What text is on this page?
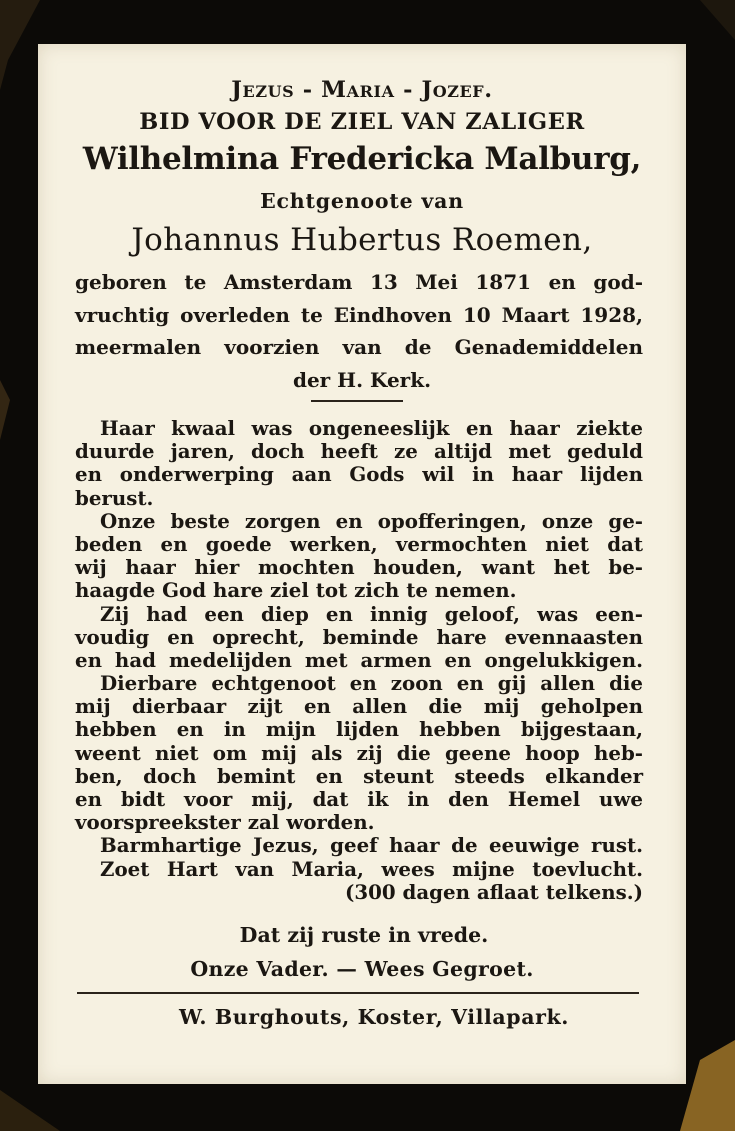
Jezus - Maria - Jozef.
BID VOOR DE ZIEL VAN ZALIGER
Wilhelmina Fredericka Malburg,
Echtgenoote van
Johannus Hubertus Roemen,
geboren te Amsterdam 13 Mei 1871 en god-
vruchtig overleden te Eindhoven 10 Maart 1928,
meermalen voorzien van de Genademiddelen
der H. Kerk.
Haar kwaal was ongeneeslijk en haar ziekte
duurde jaren, doch heeft ze altijd met geduld
en onderwerping aan Gods wil in haar lijden
berust.
Onze beste zorgen en opofferingen, onze ge-
beden en goede werken, vermochten niet dat
wij haar hier mochten houden, want het be-
haagde God hare ziel tot zich te nemen.
Zij had een diep en innig geloof, was een-
voudig en oprecht, beminde hare evennaasten
en had medelijden met armen en ongelukkigen.
Dierbare echtgenoot en zoon en gij allen die
mij dierbaar zijt en allen die mij geholpen
hebben en in mijn lijden hebben bijgestaan,
weent niet om mij als zij die geene hoop heb-
ben, doch bemint en steunt steeds elkander
en bidt voor mij, dat ik in den Hemel uwe
voorspreekster zal worden.
Barmhartige Jezus, geef haar de eeuwige rust.
Zoet Hart van Maria, wees mijne toevlucht.
(300 dagen aflaat telkens.)
Dat zij ruste in vrede.
Onze Vader. — Wees Gegroet.
W. Burghouts, Koster, Villapark.
